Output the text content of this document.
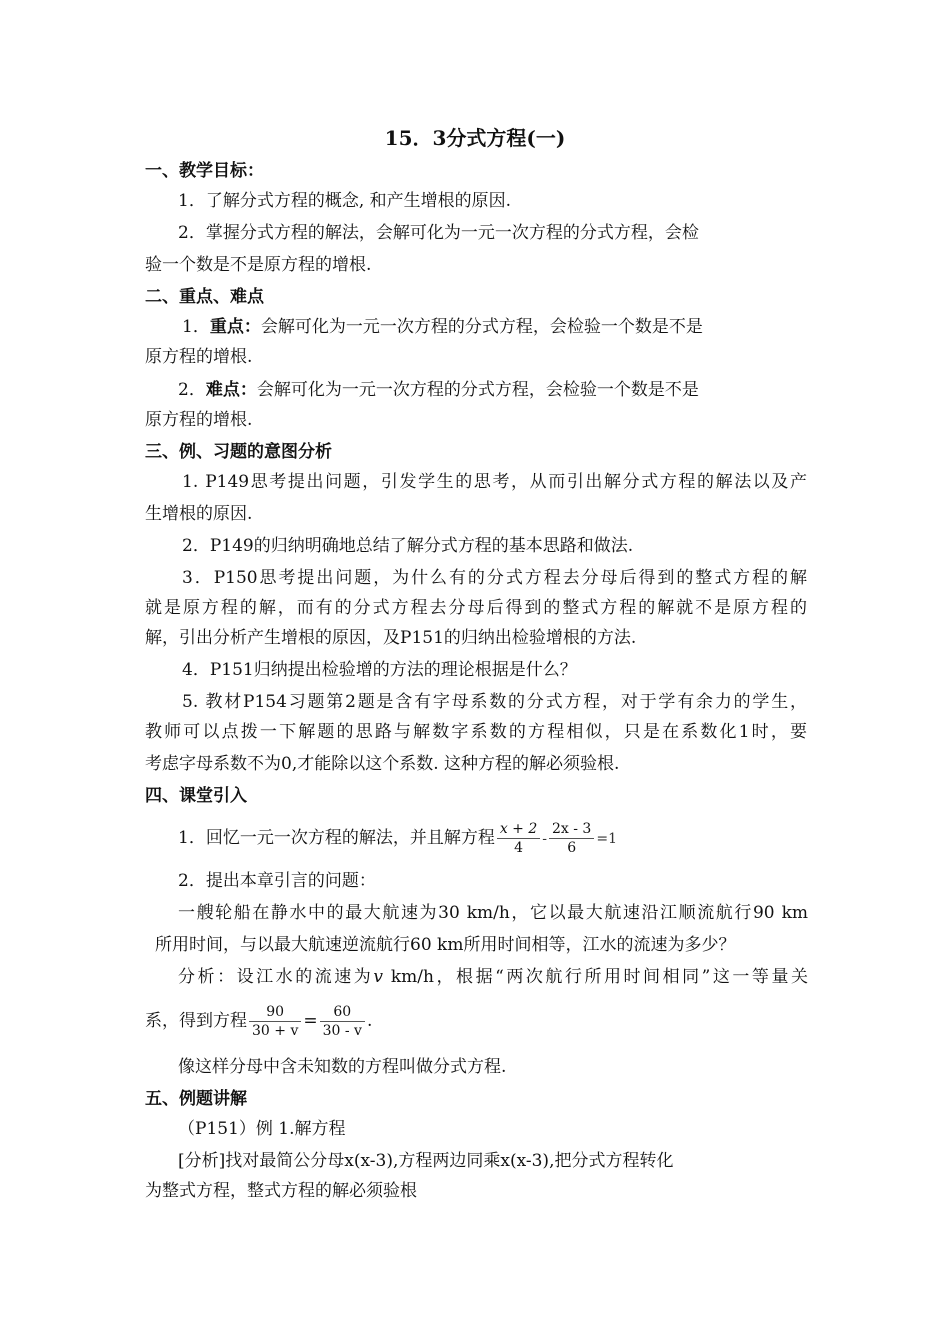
15．3分式方程(一)
一、教学目标：
1．了解分式方程的概念, 和产生增根的原因.
2．掌握分式方程的解法，会解可化为一元一次方程的分式方程，会检
验一个数是不是原方程的增根.
二、重点、难点
1．重点：会解可化为一元一次方程的分式方程，会检验一个数是不是
原方程的增根.
2．难点：会解可化为一元一次方程的分式方程，会检验一个数是不是
原方程的增根.
三、例、习题的意图分析
1. P149思考提出问题，引发学生的思考，从而引出解分式方程的解法以及产
生增根的原因.
2．P149的归纳明确地总结了解分式方程的基本思路和做法.
3．P150思考提出问题，为什么有的分式方程去分母后得到的整式方程的解
就是原方程的解，而有的分式方程去分母后得到的整式方程的解就不是原方程的
解，引出分析产生增根的原因，及P151的归纳出检验增根的方法.
4．P151归纳提出检验增的方法的理论根据是什么？
5. 教材P154习题第2题是含有字母系数的分式方程，对于学有余力的学生，
教师可以点拨一下解题的思路与解数字系数的方程相似，只是在系数化1时，要
考虑字母系数不为0,才能除以这个系数. 这种方程的解必须验根.
四、课堂引入
1．回忆一元一次方程的解法，并且解方程 $\frac{x + 2}{4} - \frac{2x - 3}{6} =1$
2．提出本章引言的问题：
一艘轮船在静水中的最大航速为30 km/h，它以最大航速沿江顺流航行90 km
所用时间，与以最大航速逆流航行60 km所用时间相等，江水的流速为多少？
分析：设江水的流速为v km/h，根据“两次航行所用时间相同”这一等量关
系，得到方程 $\frac{90}{30 + v} = \frac{60}{30 - v}$ .
像这样分母中含未知数的方程叫做分式方程.
五、例题讲解
（P151）例 1.解方程
[分析]找对最简公分母x(x-3),方程两边同乘x(x-3),把分式方程转化
为整式方程，整式方程的解必须验根
